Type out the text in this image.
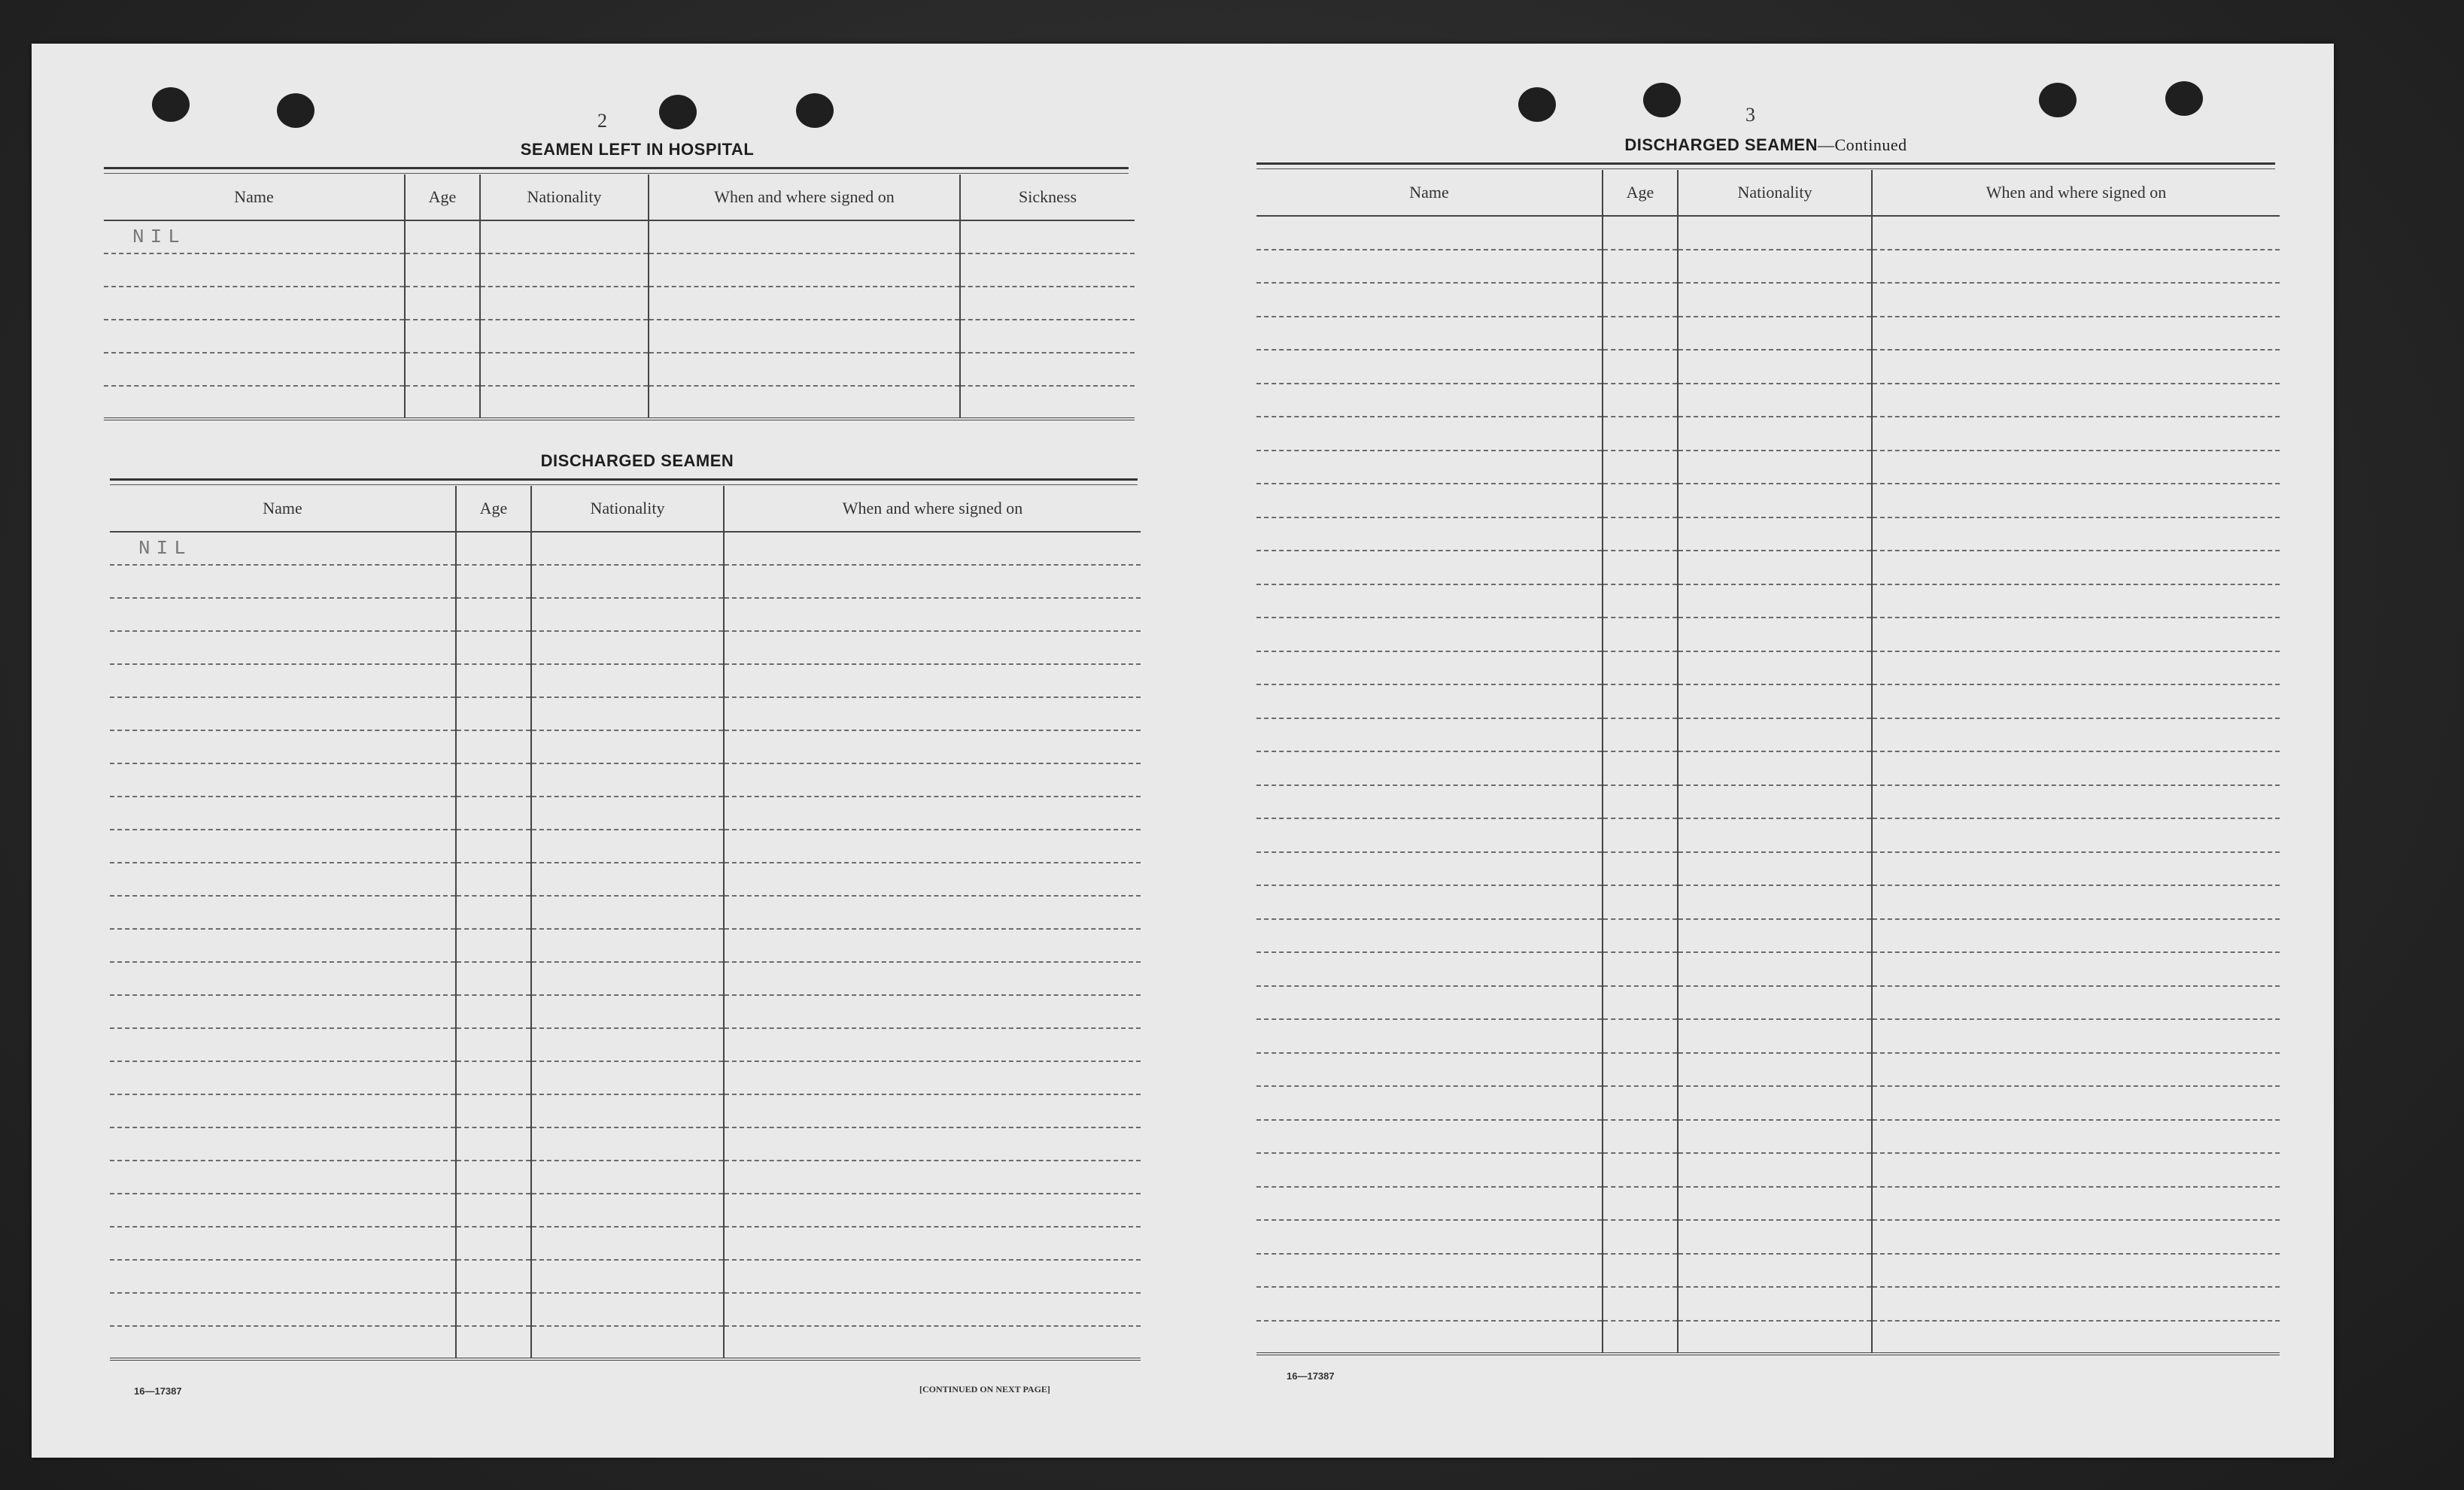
2
SEAMEN LEFT IN HOSPITAL
Name	Age	Nationality	When and where signed on	Sickness
NIL				

DISCHARGED SEAMEN
Name	Age	Nationality	When and where signed on
NIL			

16—17387	[CONTINUED ON NEXT PAGE]
3
DISCHARGED SEAMEN—Continued
Name	Age	Nationality	When and where signed on

16—17387
